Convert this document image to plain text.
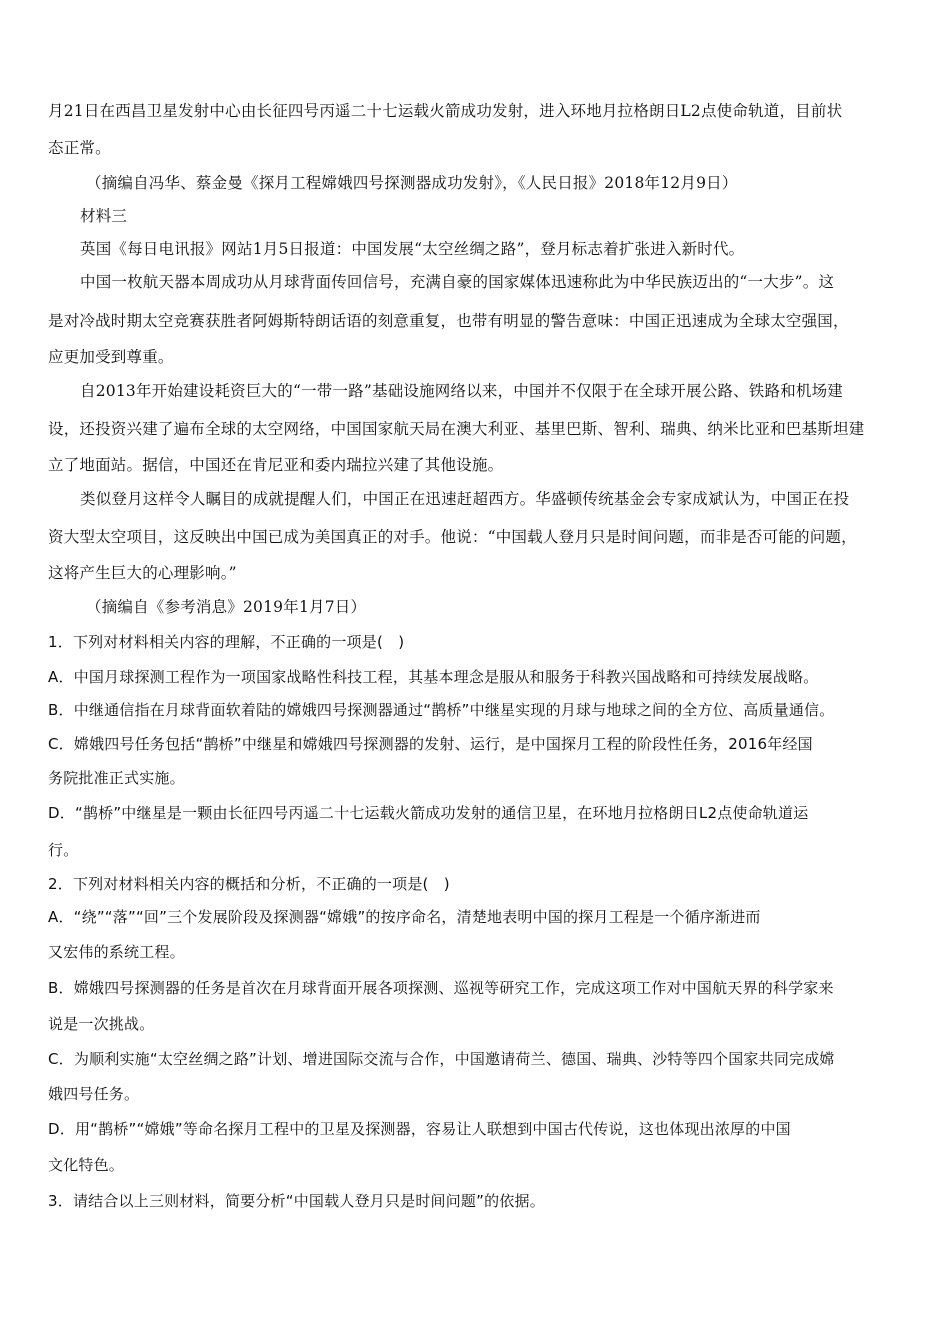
月21日在西昌卫星发射中心由长征四号丙遥二十七运载火箭成功发射，进入环地月拉格朗日L2点使命轨道，目前状
态正常。
（摘编自冯华、蔡金曼《探月工程嫦娥四号探测器成功发射》，《人民日报》2018年12月9日）
材料三
英国《每日电讯报》网站1月5日报道：中国发展“太空丝绸之路”，登月标志着扩张进入新时代。
中国一枚航天器本周成功从月球背面传回信号，充满自豪的国家媒体迅速称此为中华民族迈出的“一大步”。这
是对冷战时期太空竞赛获胜者阿姆斯特朗话语的刻意重复，也带有明显的警告意味：中国正迅速成为全球太空强国，
应更加受到尊重。
自2013年开始建设耗资巨大的“一带一路”基础设施网络以来，中国并不仅限于在全球开展公路、铁路和机场建
设，还投资兴建了遍布全球的太空网络，中国国家航天局在澳大利亚、基里巴斯、智利、瑞典、纳米比亚和巴基斯坦建
立了地面站。据信，中国还在肯尼亚和委内瑞拉兴建了其他设施。
类似登月这样令人瞩目的成就提醒人们，中国正在迅速赶超西方。华盛顿传统基金会专家成斌认为，中国正在投
资大型太空项目，这反映出中国已成为美国真正的对手。他说：“中国载人登月只是时间问题，而非是否可能的问题，
这将产生巨大的心理影响。”
（摘编自《参考消息》2019年1月7日）
1．下列对材料相关内容的理解，不正确的一项是(　)
A．中国月球探测工程作为一项国家战略性科技工程，其基本理念是服从和服务于科教兴国战略和可持续发展战略。
B．中继通信指在月球背面软着陆的嫦娥四号探测器通过“鹊桥”中继星实现的月球与地球之间的全方位、高质量通信。
C．嫦娥四号任务包括“鹊桥”中继星和嫦娥四号探测器的发射、运行，是中国探月工程的阶段性任务，2016年经国
务院批准正式实施。
D．“鹊桥”中继星是一颗由长征四号丙遥二十七运载火箭成功发射的通信卫星，在环地月拉格朗日L2点使命轨道运
行。
2．下列对材料相关内容的概括和分析，不正确的一项是(　)
A．“绕”“落”“回”三个发展阶段及探测器“嫦娥”的按序命名，清楚地表明中国的探月工程是一个循序渐进而
又宏伟的系统工程。
B．嫦娥四号探测器的任务是首次在月球背面开展各项探测、巡视等研究工作，完成这项工作对中国航天界的科学家来
说是一次挑战。
C．为顺利实施“太空丝绸之路”计划、增进国际交流与合作，中国邀请荷兰、德国、瑞典、沙特等四个国家共同完成嫦
娥四号任务。
D．用“鹊桥”“嫦娥”等命名探月工程中的卫星及探测器，容易让人联想到中国古代传说，这也体现出浓厚的中国
文化特色。
3．请结合以上三则材料，简要分析“中国载人登月只是时间问题”的依据。
